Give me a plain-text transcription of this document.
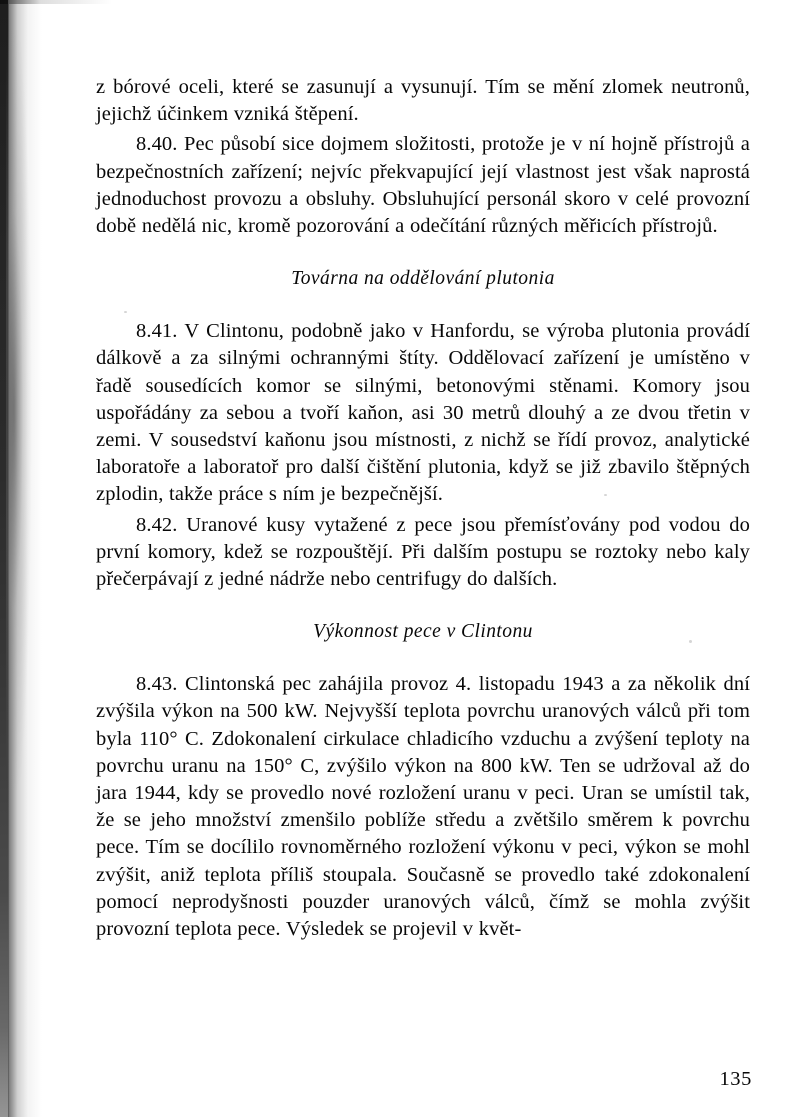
z bórové oceli, které se zasunují a vysunují. Tím se mění zlomek neutronů, jejichž účinkem vzniká štěpení.

8.40. Pec působí sice dojmem složitosti, protože je v ní hojně přístrojů a bezpečnostních zařízení; nejvíc překvapující její vlastnost jest však naprostá jednoduchost provozu a obsluhy. Obsluhující personál skoro v celé provozní době nedělá nic, kromě pozorování a odečítání různých měřicích přístrojů.

Továrna na oddělování plutonia

8.41. V Clintonu, podobně jako v Hanfordu, se výroba plutonia provádí dálkově a za silnými ochrannými štíty. Oddělovací zařízení je umístěno v řadě sousedících komor se silnými, betonovými stěnami. Komory jsou uspořádány za sebou a tvoří kaňon, asi 30 metrů dlouhý a ze dvou třetin v zemi. V sousedství kaňonu jsou místnosti, z nichž se řídí provoz, analytické laboratoře a laboratoř pro další čištění plutonia, když se již zbavilo štěpných zplodin, takže práce s ním je bezpečnější.

8.42. Uranové kusy vytažené z pece jsou přemísťovány pod vodou do první komory, kdež se rozpouštějí. Při dalším postupu se roztoky nebo kaly přečerpávají z jedné nádrže nebo centrifugy do dalších.

Výkonnost pece v Clintonu

8.43. Clintonská pec zahájila provoz 4. listopadu 1943 a za několik dní zvýšila výkon na 500 kW. Nejvyšší teplota povrchu uranových válců při tom byla 110° C. Zdokonalení cirkulace chladicího vzduchu a zvýšení teploty na povrchu uranu na 150° C, zvýšilo výkon na 800 kW. Ten se udržoval až do jara 1944, kdy se provedlo nové rozložení uranu v peci. Uran se umístil tak, že se jeho množství zmenšilo poblíže středu a zvětšilo směrem k povrchu pece. Tím se docílilo rovnoměrného rozložení výkonu v peci, výkon se mohl zvýšit, aniž teplota příliš stoupala. Současně se provedlo také zdokonalení pomocí neprodyšnosti pouzder uranových válců, čímž se mohla zvýšit provozní teplota pece. Výsledek se projevil v květ-

135
